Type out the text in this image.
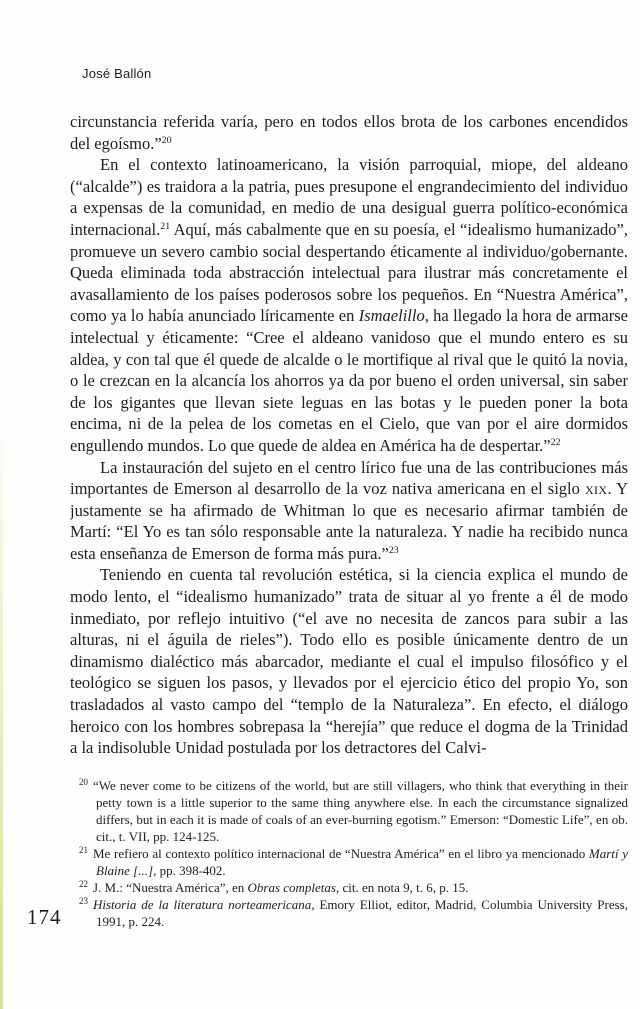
José Ballón

circunstancia referida varía, pero en todos ellos brota de los carbones encendidos del egoísmo.”$^{20}$

En el contexto latinoamericano, la visión parroquial, miope, del aldeano (“alcalde”) es traidora a la patria, pues presupone el engrandecimiento del individuo a expensas de la comunidad, en medio de una desigual guerra político-económica internacional.$^{21}$ Aquí, más cabalmente que en su poesía, el “idealismo humanizado”, promueve un severo cambio social despertando éticamente al individuo/gobernante. Queda eliminada toda abstracción intelectual para ilustrar más concretamente el avasallamiento de los países poderosos sobre los pequeños. En “Nuestra América”, como ya lo había anunciado líricamente en Ismaelillo, ha llegado la hora de armarse intelectual y éticamente: “Cree el aldeano vanidoso que el mundo entero es su aldea, y con tal que él quede de alcalde o le mortifique al rival que le quitó la novia, o le crezcan en la alcancía los ahorros ya da por bueno el orden universal, sin saber de los gigantes que llevan siete leguas en las botas y le pueden poner la bota encima, ni de la pelea de los cometas en el Cielo, que van por el aire dormidos engullendo mundos. Lo que quede de aldea en América ha de despertar.”$^{22}$

La instauración del sujeto en el centro lírico fue una de las contribuciones más importantes de Emerson al desarrollo de la voz nativa americana en el siglo xix. Y justamente se ha afirmado de Whitman lo que es necesario afirmar también de Martí: “El Yo es tan sólo responsable ante la naturaleza. Y nadie ha recibido nunca esta enseñanza de Emerson de forma más pura.”$^{23}$

Teniendo en cuenta tal revolución estética, si la ciencia explica el mundo de modo lento, el “idealismo humanizado” trata de situar al yo frente a él de modo inmediato, por reflejo intuitivo (“el ave no necesita de zancos para subir a las alturas, ni el águila de rieles”). Todo ello es posible únicamente dentro de un dinamismo dialéctico más abarcador, mediante el cual el impulso filosófico y el teológico se siguen los pasos, y llevados por el ejercicio ético del propio Yo, son trasladados al vasto campo del “templo de la Naturaleza”. En efecto, el diálogo heroico con los hombres sobrepasa la “herejía” que reduce el dogma de la Trinidad a la indisoluble Unidad postulada por los detractores del Calvi-

$^{20}$ “We never come to be citizens of the world, but are still villagers, who think that everything in their petty town is a little superior to the same thing anywhere else. In each the circumstance signalized differs, but in each it is made of coals of an ever-burning egotism.” Emerson: “Domestic Life”, en ob. cit., t. VII, pp. 124-125.
$^{21}$ Me refiero al contexto político internacional de “Nuestra América” en el libro ya mencionado Martí y Blaine [...], pp. 398-402.
$^{22}$ J. M.: “Nuestra América”, en Obras completas, cit. en nota 9, t. 6, p. 15.
$^{23}$ Historia de la literatura norteamericana, Emory Elliot, editor, Madrid, Columbia University Press, 1991, p. 224.
174
